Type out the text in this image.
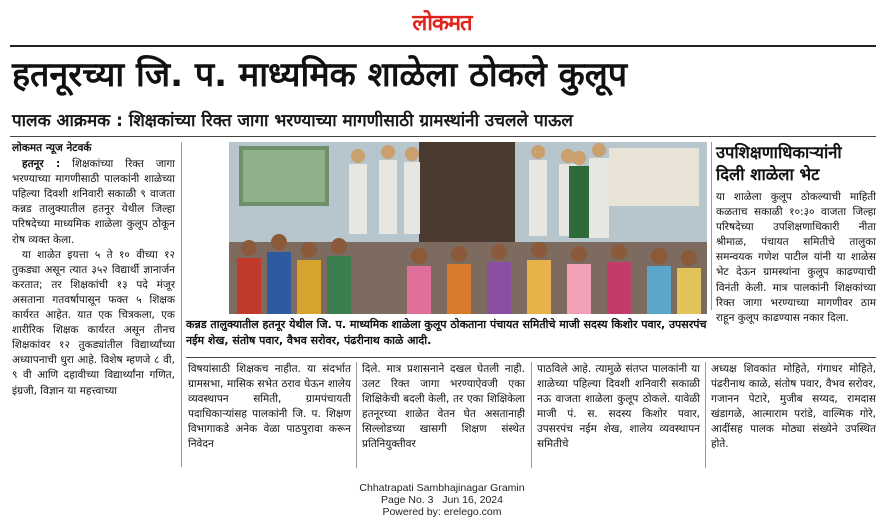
लोकमत
हतनूरच्या जि. प. माध्यमिक शाळेला ठोकले कुलूप
पालक आक्रमक : शिक्षकांच्या रिक्त जागा भरण्याच्या मागणीसाठी ग्रामस्थांनी उचलले पाऊल
लोकमत न्यूज नेटवर्क

हतनूर : शिक्षकांच्या रिक्त जागा भरण्याच्या मागणीसाठी पालकांनी शाळेच्या पहिल्या दिवशी शनिवारी सकाळी ९ वाजता कन्नड तालुक्यातील हतनूर येथील जिल्हा परिषदेच्या माध्यमिक शाळेला कुलूप ठोकून रोष व्यक्त केला.

या शाळेत इयत्ता ५ ते १० वीच्या १२ तुकड्या असून त्यात ३५२ विद्यार्थी ज्ञानार्जन करतात; तर शिक्षकांची १३ पदे मंजूर असताना गतवर्षापासून फक्त ५ शिक्षक कार्यरत आहेत. यात एक चित्रकला, एक शारीरिक शिक्षक कार्यरत असून तीनच शिक्षकांवर १२ तुकड्यांतील विद्यार्थ्यांच्या अध्यापनाची धुरा आहे. विशेष म्हणजे ८ वी, ९ वी आणि दहावीच्या विद्यार्थ्यांना गणित, इंग्रजी, विज्ञान या महत्त्वाच्या

उपशिक्षणाधिकाऱ्यांनी दिली शाळेला भेट
या शाळेला कुलूप ठोकल्याची माहिती कळताच सकाळी १०:३० वाजता जिल्हा परिषदेच्या उपशिक्षणाधिकारी नीता श्रीमाळ, पंचायत समितीचे तालुका समन्वयक गणेश पाटील यांनी या शाळेस भेट देऊन ग्रामस्थांना कुलूप काढण्याची विनंती केली. मात्र पालकांनी शिक्षकांच्या रिक्त जागा भरण्याच्या मागणीवर ठाम राहून कुलूप काढण्यास नकार दिला.
कन्नड तालुक्यातील हतनूर येथील जि. प. माध्यमिक शाळेला कुलूप ठोकताना पंचायत समितीचे माजी सदस्य किशोर पवार, उपसरपंच नईम शेख, संतोष पवार, वैभव सरोवर, पंढरीनाथ काळे आदी.
विषयांसाठी शिक्षकच नाहीत. या संदर्भात ग्रामसभा, मासिक सभेत ठराव घेऊन शालेय व्यवस्थापन समिती, ग्रामपंचायती पदाधिकाऱ्यांसह पालकांनी जि. प. शिक्षण विभागाकडे अनेक वेळा पाठपुरावा करून निवेदन
दिले. मात्र प्रशासनाने दखल घेतली नाही. उलट रिक्त जागा भरण्याऐवजी एका शिक्षिकेची बदली केली, तर एका शिक्षिकेला हतनूरच्या शाळेत वेतन घेत असतानाही सिल्लोडच्या खासगी शिक्षण संस्थेत प्रतिनियुक्तीवर
पाठविले आहे. त्यामुळे संतप्त पालकांनी या शाळेच्या पहिल्या दिवशी शनिवारी सकाळी नऊ वाजता शाळेला कुलूप ठोकले. यावेळी माजी पं. स. सदस्य किशोर पवार, उपसरपंच नईम शेख, शालेय व्यवस्थापन समितीचे
अध्यक्ष शिवकांत मोहिते, गंगाधर मोहिते, पंढरीनाथ काळे, संतोष पवार, वैभव सरोवर, गजानन पेटारे, मुजीब सय्यद, रामदास खंडागळे, आत्माराम परांडे, वाल्मिक गोरे, आदींसह पालक मोठ्या संख्येने उपस्थित होते.
Chhatrapati Sambhajinagar Gramin
Page No. 3   Jun 16, 2024
Powered by: erelego.com
